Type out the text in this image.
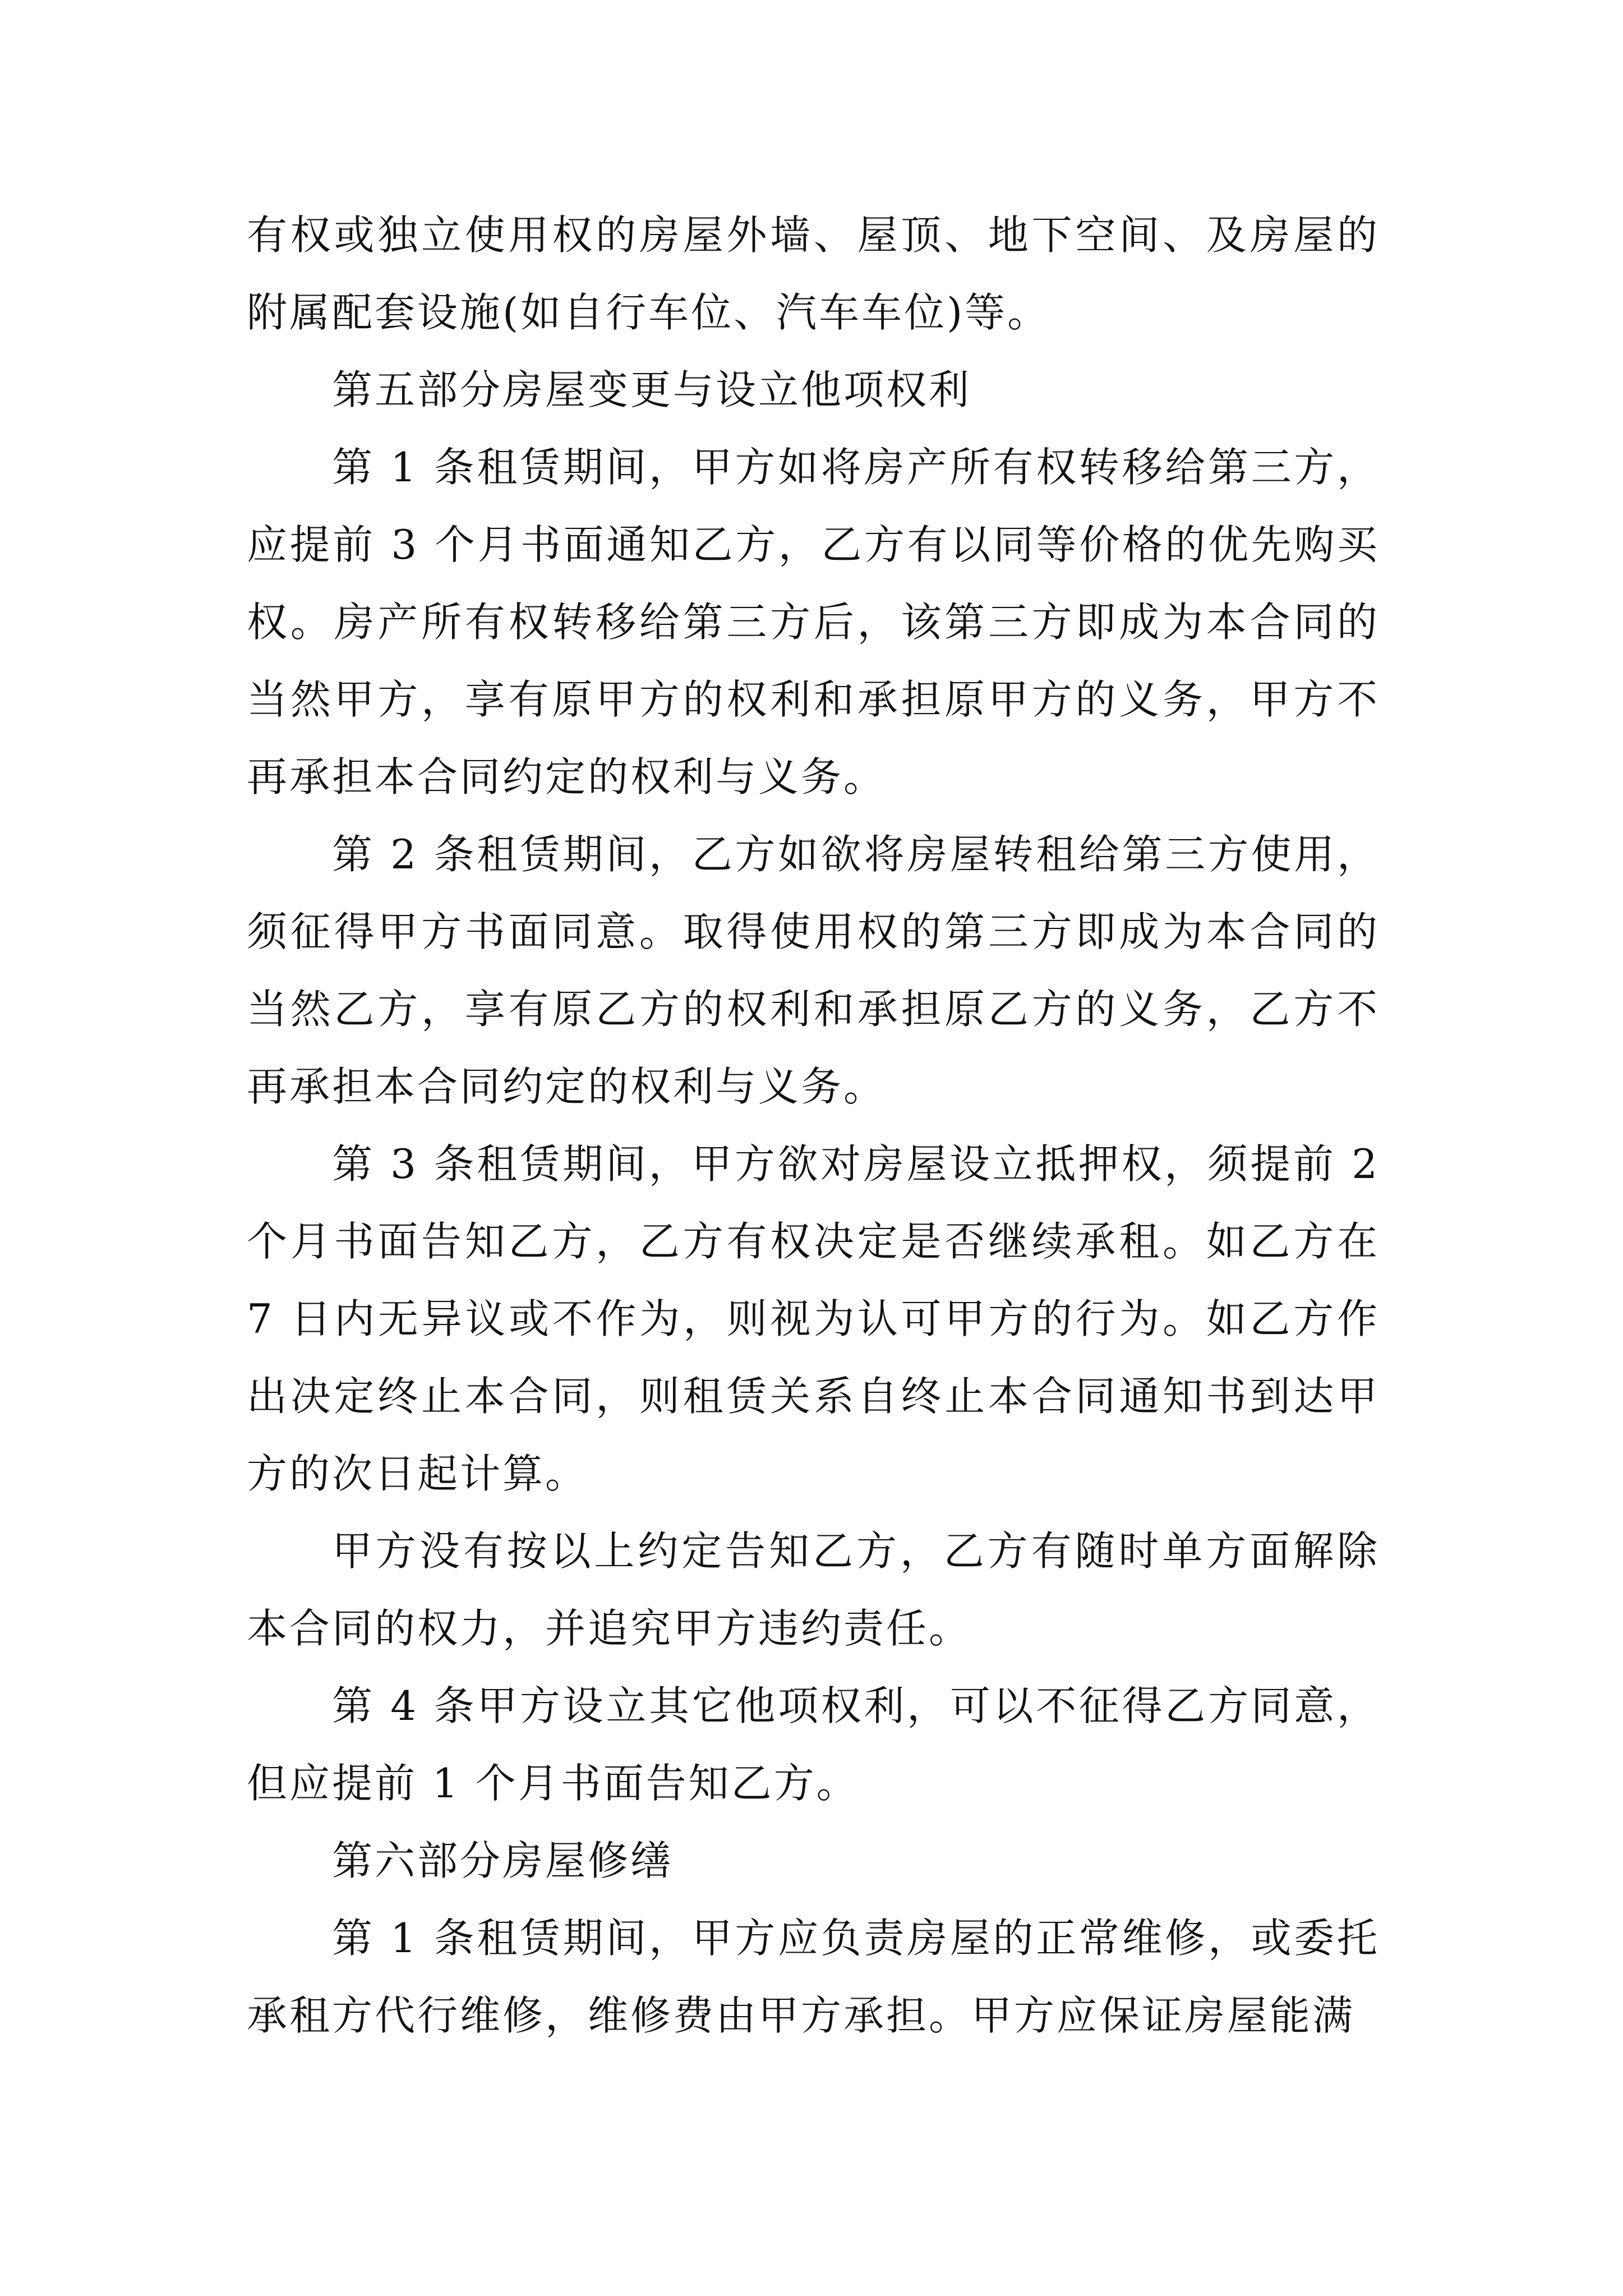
有权或独立使用权的房屋外墙、屋顶、地下空间、及房屋的附属配套设施(如自行车位、汽车车位)等。

第五部分房屋变更与设立他项权利

第 1 条租赁期间，甲方如将房产所有权转移给第三方，应提前 3 个月书面通知乙方，乙方有以同等价格的优先购买权。房产所有权转移给第三方后，该第三方即成为本合同的当然甲方，享有原甲方的权利和承担原甲方的义务，甲方不再承担本合同约定的权利与义务。

第 2 条租赁期间，乙方如欲将房屋转租给第三方使用，须征得甲方书面同意。取得使用权的第三方即成为本合同的当然乙方，享有原乙方的权利和承担原乙方的义务，乙方不再承担本合同约定的权利与义务。

第 3 条租赁期间，甲方欲对房屋设立抵押权，须提前 2 个月书面告知乙方，乙方有权决定是否继续承租。如乙方在 7 日内无异议或不作为，则视为认可甲方的行为。如乙方作出决定终止本合同，则租赁关系自终止本合同通知书到达甲方的次日起计算。

甲方没有按以上约定告知乙方，乙方有随时单方面解除本合同的权力，并追究甲方违约责任。

第 4 条甲方设立其它他项权利，可以不征得乙方同意，但应提前 1 个月书面告知乙方。

第六部分房屋修缮

第 1 条租赁期间，甲方应负责房屋的正常维修，或委托承租方代行维修，维修费由甲方承担。甲方应保证房屋能满
